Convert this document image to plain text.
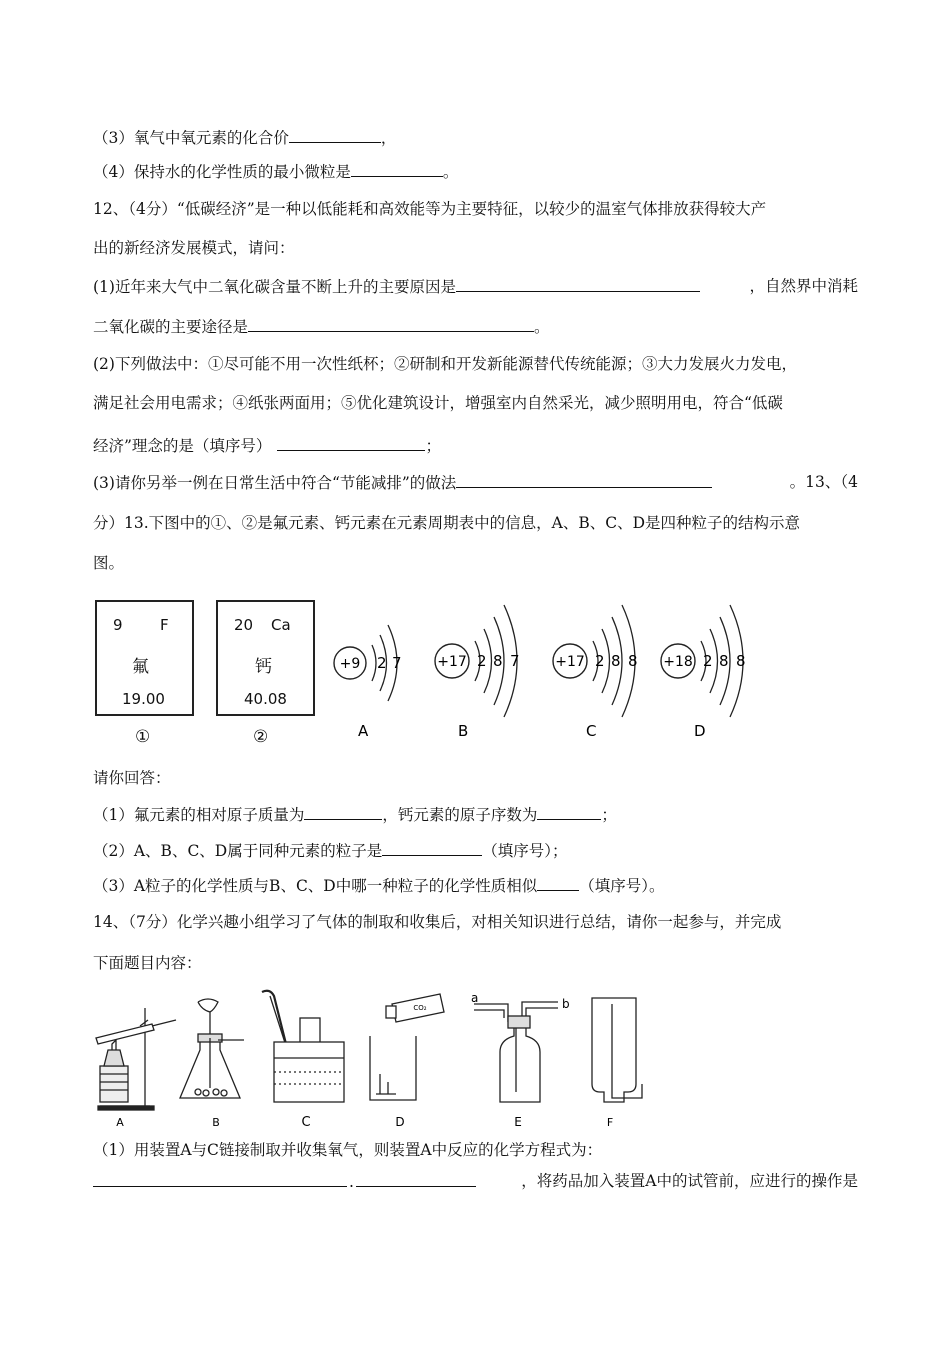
（3）氧气中氧元素的化合价	，
（4）保持水的化学性质的最小微粒是	。
12、（4分）“低碳经济”是一种以低能耗和高效能等为主要特征，以较少的温室气体排放获得较大产
出的新经济发展模式，请问：
(1)近年来大气中二氧化碳含量不断上升的主要原因是	，自然界中消耗
二氧化碳的主要途径是	。
(2)下列做法中：①尽可能不用一次性纸杯；②研制和开发新能源替代传统能源；③大力发展火力发电，
满足社会用电需求；④纸张两面用；⑤优化建筑设计，增强室内自然采光，减少照明用电，符合“低碳
经济”理念的是（填序号）	；
(3)请你另举一例在日常生活中符合“节能减排”的做法	。13、（4
分）13.下图中的①、②是氟元素、钙元素在元素周期表中的信息，A、B、C、D是四种粒子的结构示意
图。
9 F
氟
19.00
①
20 Ca
钙
40.08
②
+9 2 7
A
+17 2 8 7
B
+17 2 8 8
C
+18 2 8 8
D
请你回答：
（1）氟元素的相对原子质量为	，钙元素的原子序数为	；
（2）A、B、C、D属于同种元素的粒子是	（填序号）；
（3）A粒子的化学性质与B、C、D中哪一种粒子的化学性质相似	（填序号）。
14、（7分）化学兴趣小组学习了气体的制取和收集后，对相关知识进行总结，请你一起参与，并完成
下面题目内容：
A	B	C
CO₂
D
a	b
E	F
（1）用装置A与C链接制取并收集氧气，则装置A中反应的化学方程式为：
.	，将药品加入装置A中的试管前，应进行的操作是
